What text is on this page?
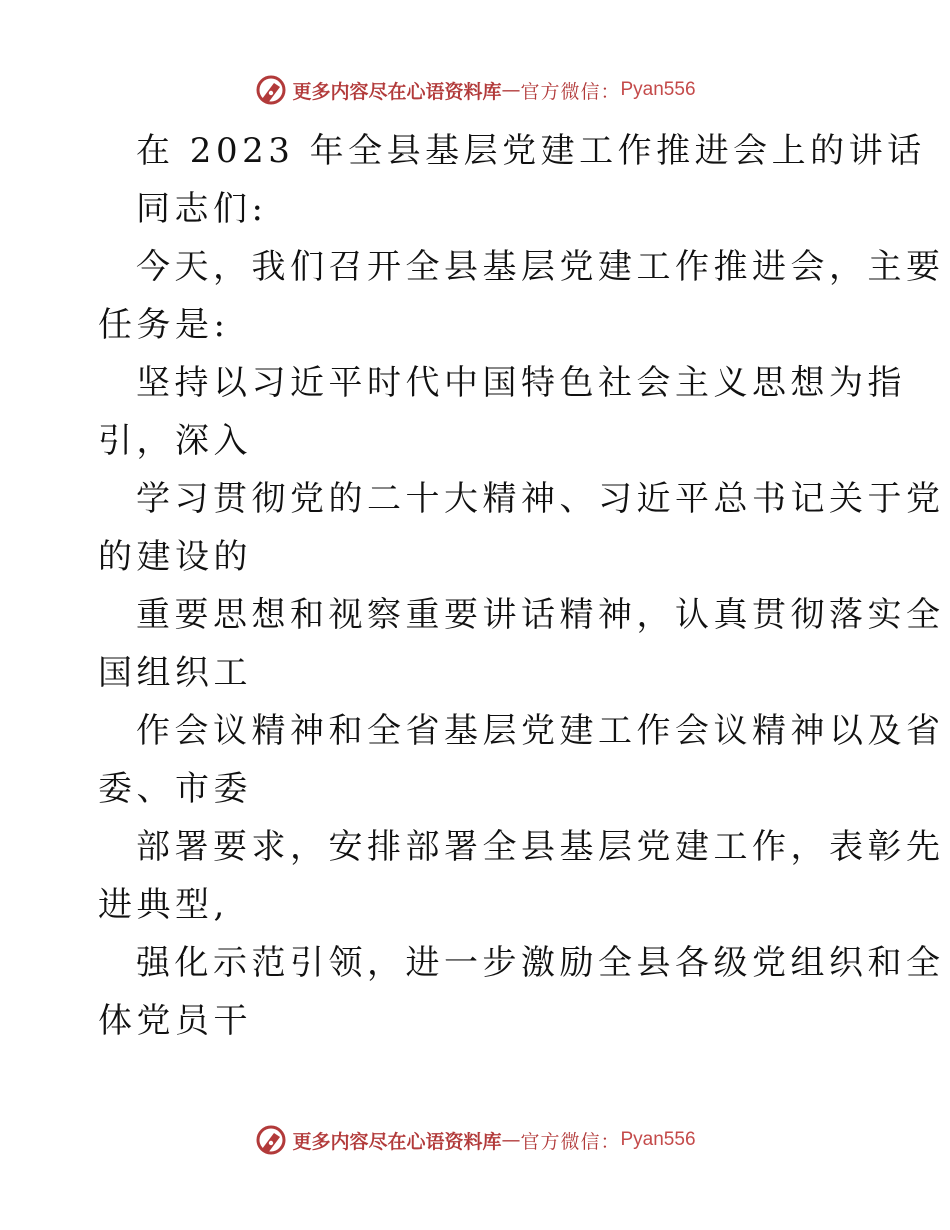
更多内容尽在心语资料库 — 官方微信： Pyan556
在 2023 年全县基层党建工作推进会上的讲话
同志们:
今天，我们召开全县基层党建工作推进会，主要
任务是:
坚持以习近平时代中国特色社会主义思想为指
引，深入
学习贯彻党的二十大精神、习近平总书记关于党
的建设的
重要思想和视察重要讲话精神，认真贯彻落实全
国组织工
作会议精神和全省基层党建工作会议精神以及省
委、市委
部署要求，安排部署全县基层党建工作，表彰先
进典型,
强化示范引领，进一步激励全县各级党组织和全
体党员干
更多内容尽在心语资料库 — 官方微信： Pyan556
